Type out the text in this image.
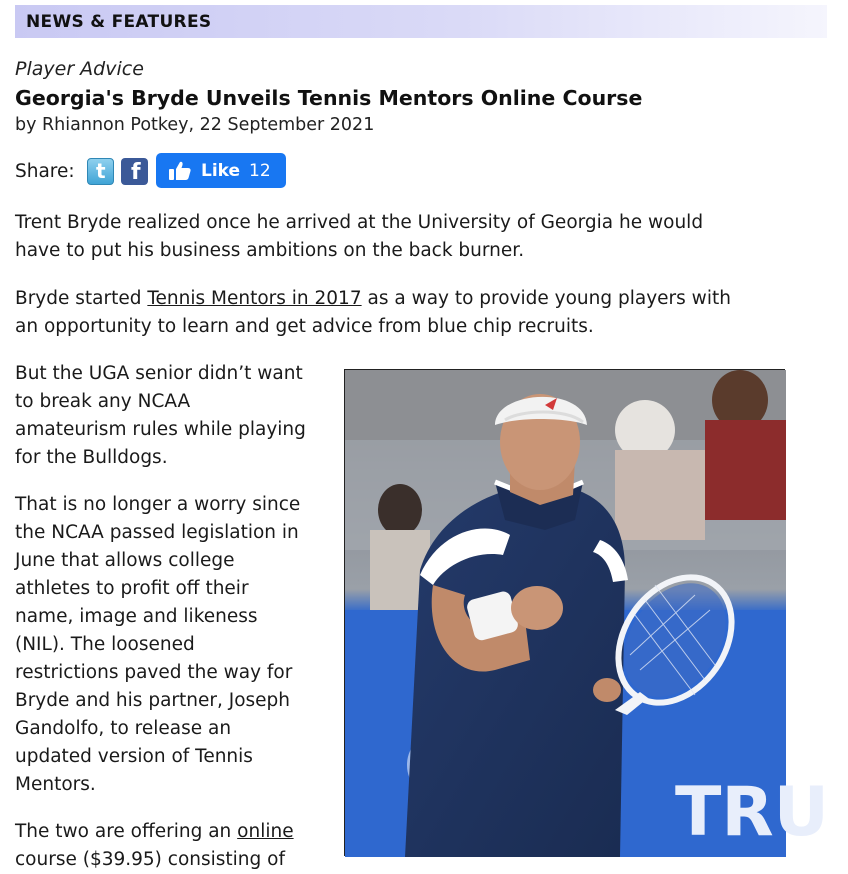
NEWS & FEATURES
Player Advice
Georgia's Bryde Unveils Tennis Mentors Online Course
by Rhiannon Potkey, 22 September 2021
Share: t f	Like 12

Trent Bryde realized once he arrived at the University of Georgia he would
have to put his business ambitions on the back burner.

Bryde started Tennis Mentors in 2017 as a way to provide young players with
an opportunity to learn and get advice from blue chip recruits.

But the UGA senior didn’t want
to break any NCAA
amateurism rules while playing
for the Bulldogs.

That is no longer a worry since
the NCAA passed legislation in
June that allows college
athletes to profit off their
name, image and likeness
(NIL). The loosened
restrictions paved the way for
Bryde and his partner, Joseph
Gandolfo, to release an
updated version of Tennis
Mentors.

The two are offering an online
course ($39.95) consisting of

TRU
